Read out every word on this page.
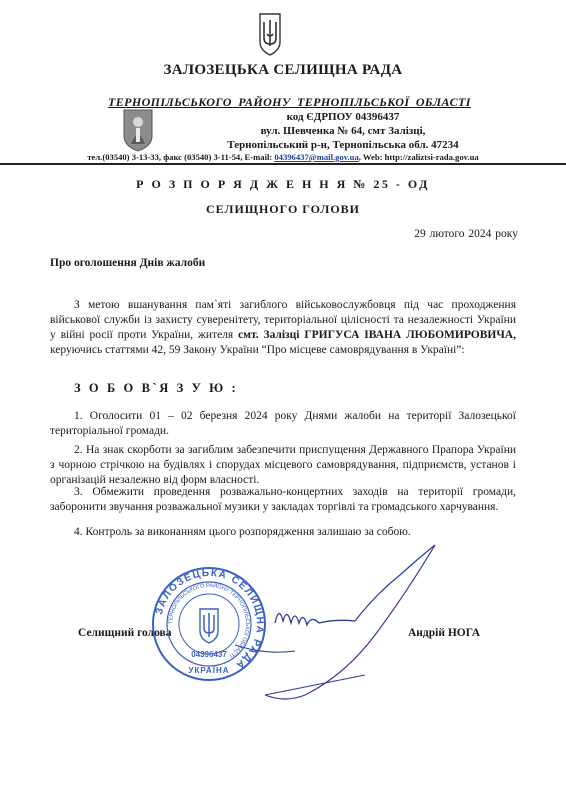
ЗАЛОЗЕЦЬКА СЕЛИЩНА РАДА
ТЕРНОПІЛЬСЬКОГО РАЙОНУ ТЕРНОПІЛЬСЬКОЇ ОБЛАСТІ
код ЄДРПОУ 04396437
вул. Шевченка № 64, смт Залізці,
Тернопільський р-н, Тернопільська обл. 47234
тел.(03540) 3-13-33, факс (03540) 3-11-54, E-mail: 04396437@mail.gov.ua, Web: http://zaliztsi-rada.gov.ua
Р О З П О Р Я Д Ж Е Н Н Я № 25 - ОД
СЕЛИЩНОГО ГОЛОВИ
29 лютого 2024 року
Про оголошення Днів жалоби
З метою вшанування пам`яті загиблого військовослужбовця під час проходження військової служби із захисту суверенітету, територіальної цілісності та незалежності України у війні росії проти України, жителя смт. Залізці ГРИГУСА ІВАНА ЛЮБОМИРОВИЧА, керуючись статтями 42, 59 Закону України “Про місцеве самоврядування в Україні”:
З О Б О В`Я З У Ю :
1. Оголосити 01 – 02 березня 2024 року Днями жалоби на території Залозецької територіальної громади.
2. На знак скорботи за загиблим забезпечити приспущення Державного Прапора України з чорною стрічкою на будівлях і спорудах місцевого самоврядування, підприємств, установ і організацій незалежно від форм власності.
3. Обмежити проведення розважально-концертних заходів на території громади, заборонити звучання розважальної музики у закладах торгівлі та громадського харчування.
4. Контроль за виконанням цього розпорядження залишаю за собою.
Селищний голова	Андрій НОГА
ЗАЛОЗЕЦЬКА СЕЛИЩНА РАДА
ТЕРНОПІЛЬСЬКОГО РАЙОНУ ТЕРНОПІЛЬСЬКОЇ ОБЛАСТІ
04396437
УКРАЇНА
